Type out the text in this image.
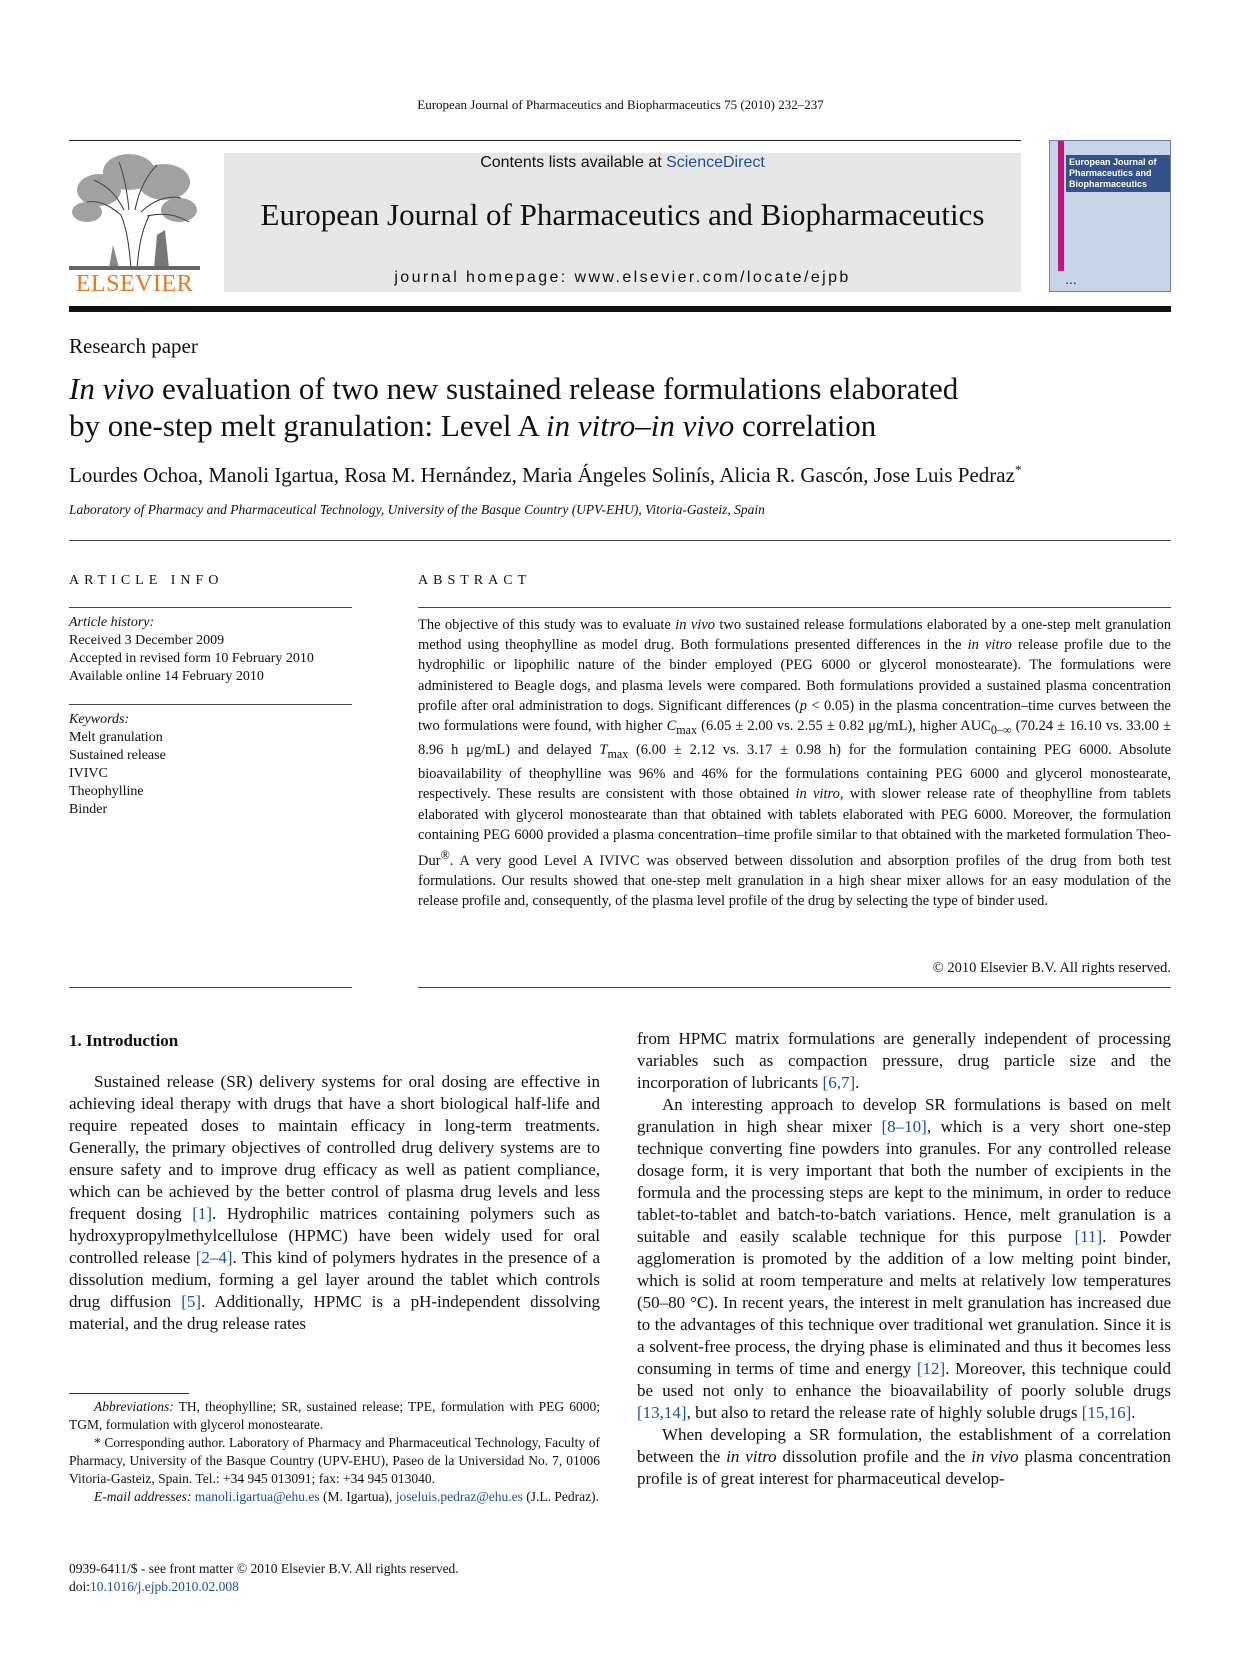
European Journal of Pharmaceutics and Biopharmaceutics 75 (2010) 232–237
ELSEVIER
Contents lists available at ScienceDirect
European Journal of Pharmaceutics and Biopharmaceutics
journal homepage: www.elsevier.com/locate/ejpb
European Journal of Pharmaceutics and Biopharmaceutics
▪ ▪ ▪
Research paper
In vivo evaluation of two new sustained release formulations elaborated
by one-step melt granulation: Level A in vitro–in vivo correlation
Lourdes Ochoa, Manoli Igartua, Rosa M. Hernández, Maria Ángeles Solinís, Alicia R. Gascón, Jose Luis Pedraz*
Laboratory of Pharmacy and Pharmaceutical Technology, University of the Basque Country (UPV-EHU), Vitoria-Gasteiz, Spain
ARTICLE INFO	ABSTRACT
Article history:
Received 3 December 2009
Accepted in revised form 10 February 2010
Available online 14 February 2010
Keywords:
Melt granulation
Sustained release
IVIVC
Theophylline
Binder
The objective of this study was to evaluate in vivo two sustained release formulations elaborated by a one-step melt granulation method using theophylline as model drug. Both formulations presented differences in the in vitro release profile due to the hydrophilic or lipophilic nature of the binder employed (PEG 6000 or glycerol monostearate). The formulations were administered to Beagle dogs, and plasma levels were compared. Both formulations provided a sustained plasma concentration profile after oral administration to dogs. Significant differences (p < 0.05) in the plasma concentration–time curves between the two formulations were found, with higher $C_{max}$ (6.05 ± 2.00 vs. 2.55 ± 0.82 μg/mL), higher $AUC_{0-\infty}$ (70.24 ± 16.10 vs. 33.00 ± 8.96 h μg/mL) and delayed $T_{max}$ (6.00 ± 2.12 vs. 3.17 ± 0.98 h) for the formulation containing PEG 6000. Absolute bioavailability of theophylline was 96% and 46% for the formulations containing PEG 6000 and glycerol monostearate, respectively. These results are consistent with those obtained in vitro, with slower release rate of theophylline from tablets elaborated with glycerol monostearate than that obtained with tablets elaborated with PEG 6000. Moreover, the formulation containing PEG 6000 provided a plasma concentration–time profile similar to that obtained with the marketed formulation Theo-Dur®. A very good Level A IVIVC was observed between dissolution and absorption profiles of the drug from both test formulations. Our results showed that one-step melt granulation in a high shear mixer allows for an easy modulation of the release profile and, consequently, of the plasma level profile of the drug by selecting the type of binder used.
© 2010 Elsevier B.V. All rights reserved.
1. Introduction

Sustained release (SR) delivery systems for oral dosing are effective in achieving ideal therapy with drugs that have a short biological half-life and require repeated doses to maintain efficacy in long-term treatments. Generally, the primary objectives of controlled drug delivery systems are to ensure safety and to improve drug efficacy as well as patient compliance, which can be achieved by the better control of plasma drug levels and less frequent dosing [1]. Hydrophilic matrices containing polymers such as hydroxypropylmethylcellulose (HPMC) have been widely used for oral controlled release [2–4]. This kind of polymers hydrates in the presence of a dissolution medium, forming a gel layer around the tablet which controls drug diffusion [5]. Additionally, HPMC is a pH-independent dissolving material, and the drug release rates

from HPMC matrix formulations are generally independent of processing variables such as compaction pressure, drug particle size and the incorporation of lubricants [6,7].

An interesting approach to develop SR formulations is based on melt granulation in high shear mixer [8–10], which is a very short one-step technique converting fine powders into granules. For any controlled release dosage form, it is very important that both the number of excipients in the formula and the processing steps are kept to the minimum, in order to reduce tablet-to-tablet and batch-to-batch variations. Hence, melt granulation is a suitable and easily scalable technique for this purpose [11]. Powder agglomeration is promoted by the addition of a low melting point binder, which is solid at room temperature and melts at relatively low temperatures (50–80 °C). In recent years, the interest in melt granulation has increased due to the advantages of this technique over traditional wet granulation. Since it is a solvent-free process, the drying phase is eliminated and thus it becomes less consuming in terms of time and energy [12]. Moreover, this technique could be used not only to enhance the bioavailability of poorly soluble drugs [13,14], but also to retard the release rate of highly soluble drugs [15,16].

When developing a SR formulation, the establishment of a correlation between the in vitro dissolution profile and the in vivo plasma concentration profile is of great interest for pharmaceutical develop-

Abbreviations: TH, theophylline; SR, sustained release; TPE, formulation with PEG 6000; TGM, formulation with glycerol monostearate.

* Corresponding author. Laboratory of Pharmacy and Pharmaceutical Technology, Faculty of Pharmacy, University of the Basque Country (UPV-EHU), Paseo de la Universidad No. 7, 01006 Vitoria-Gasteiz, Spain. Tel.: +34 945 013091; fax: +34 945 013040.

E-mail addresses: manoli.igartua@ehu.es (M. Igartua), joseluis.pedraz@ehu.es (J.L. Pedraz).

0939-6411/$ - see front matter © 2010 Elsevier B.V. All rights reserved.
doi:10.1016/j.ejpb.2010.02.008
